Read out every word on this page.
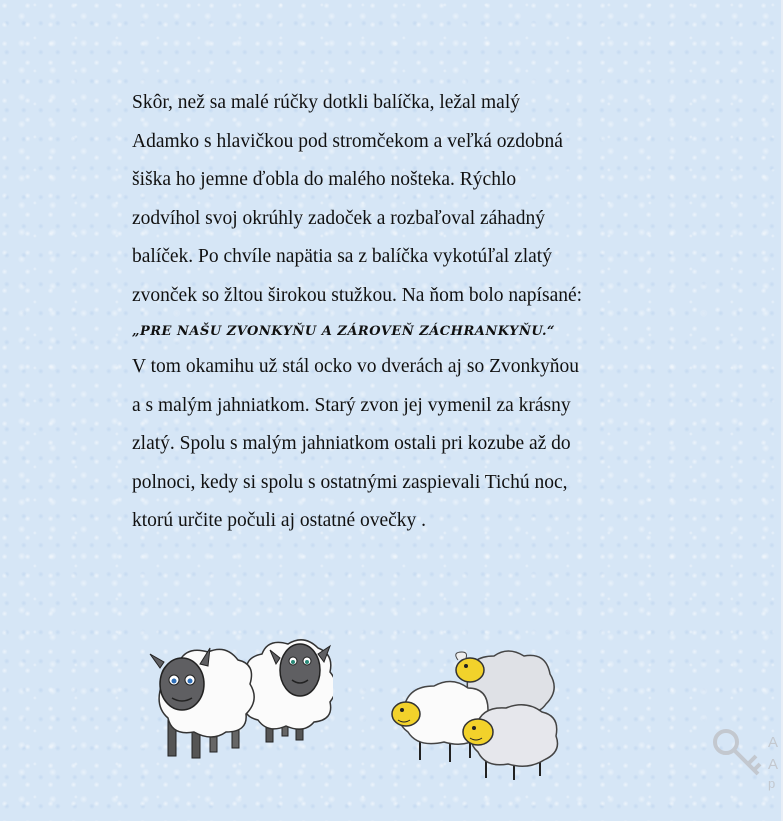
Skôr, než sa malé rúčky dotkli balíčka, ležal malý
Adamko s hlavičkou pod stromčekom a veľká ozdobná
šiška ho jemne ďobla do malého nošteka. Rýchlo
zodvíhol svoj okrúhly zadoček a rozbaľoval záhadný
balíček. Po chvíle napätia sa z balíčka vykotúľal zlatý
zvonček so žltou širokou stužkou. Na ňom bolo napísané:
„PRE NAŠU ZVONKYŇU A ZÁROVEŇ ZÁCHRANKYŇU.“
V tom okamihu už stál ocko vo dverách aj so Zvonkyňou
a s malým jahniatkom. Starý zvon jej vymenil za krásny
zlatý. Spolu s malým jahniatkom ostali pri kozube až do
polnoci, kedy si spolu s ostatnými zaspievali Tichú noc,
ktorú určite počuli aj ostatné ovečky .
A
A
p
